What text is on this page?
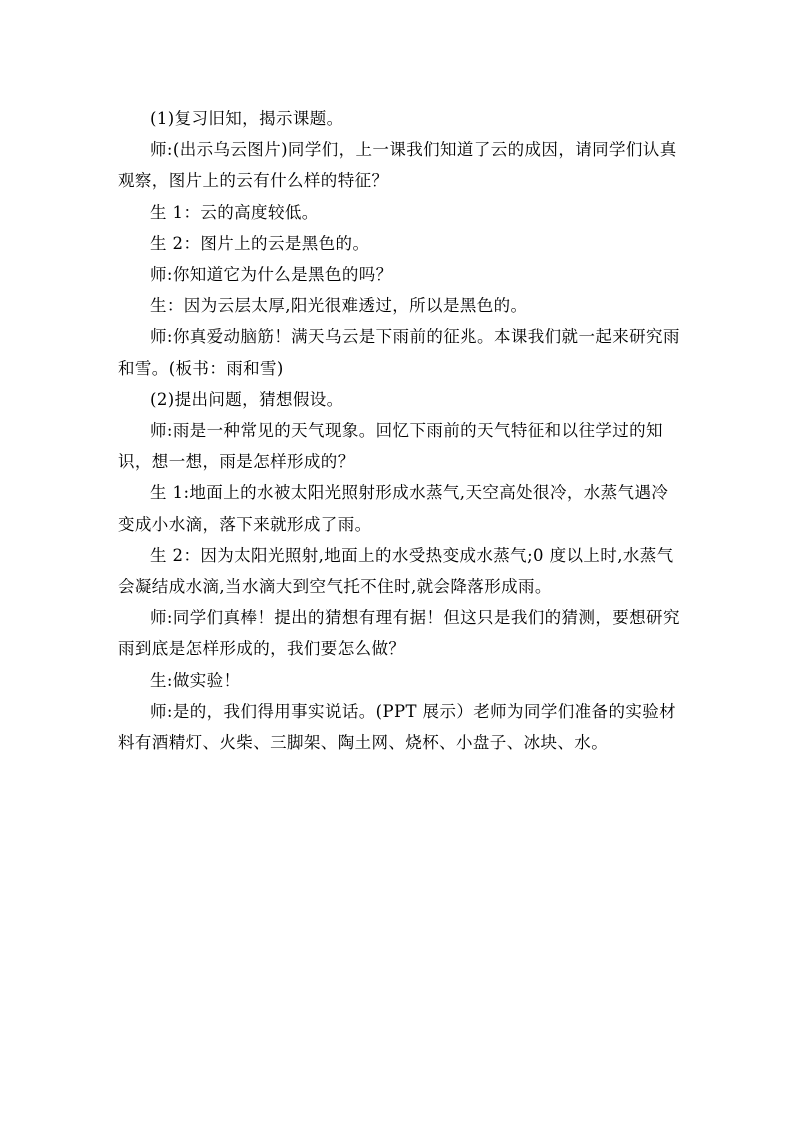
(1)复习旧知，揭示课题。

师:(出示乌云图片)同学们，上一课我们知道了云的成因，请同学们认真观察，图片上的云有什么样的特征？

生 1：云的高度较低。

生 2：图片上的云是黑色的。

师:你知道它为什么是黑色的吗？

生：因为云层太厚,阳光很难透过，所以是黑色的。

师:你真爱动脑筋！满天乌云是下雨前的征兆。本课我们就一起来研究雨和雪。(板书：雨和雪)

(2)提出问题，猜想假设。

师:雨是一种常见的天气现象。回忆下雨前的天气特征和以往学过的知识，想一想，雨是怎样形成的？

生 1:地面上的水被太阳光照射形成水蒸气,天空高处很冷，水蒸气遇冷变成小水滴，落下来就形成了雨。

生 2：因为太阳光照射,地面上的水受热变成水蒸气;0 度以上时,水蒸气会凝结成水滴,当水滴大到空气托不住时,就会降落形成雨。

师:同学们真棒！提出的猜想有理有据！但这只是我们的猜测，要想研究雨到底是怎样形成的，我们要怎么做？

生:做实验！

师:是的，我们得用事实说话。(PPT 展示）老师为同学们准备的实验材料有酒精灯、火柴、三脚架、陶土网、烧杯、小盘子、冰块、水。
